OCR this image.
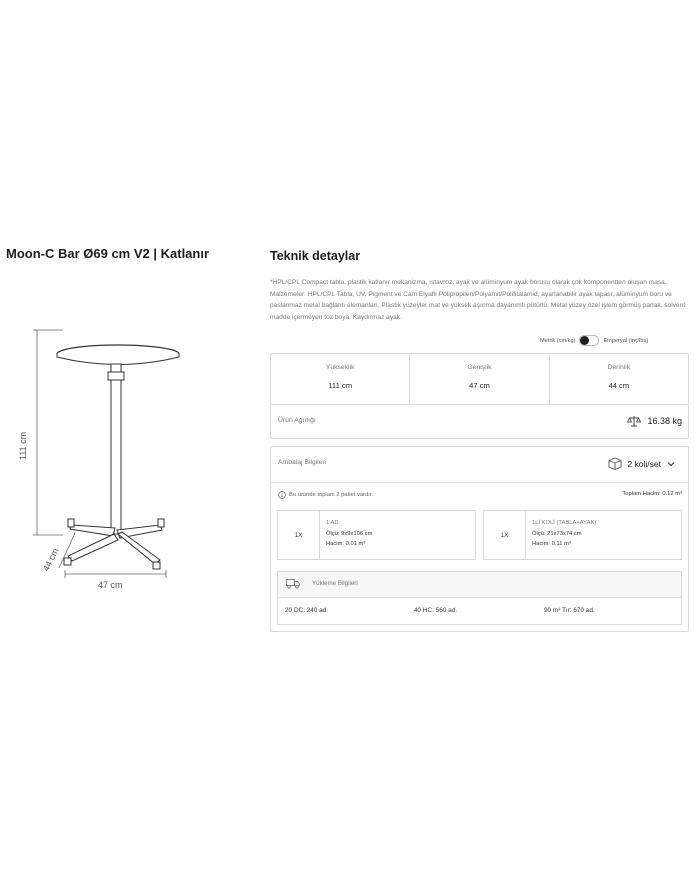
Moon-C Bar Ø69 cm V2 | Katlanır
111 cm
44 cm
47 cm
Teknik detaylar
*HPL/CPL Compact tabla, plastik katlanır mekanizma, ıstavroz, ayak ve alüminyum ayak borusu olarak çok komponentten oluşan masa. Malzemeler: HPL/CPL Tabla, UV, Pigment ve Cam Elyaflı Polipropilen/Polyamit/Polifitalamid, ayarlanabilir ayak tapası, alüminyum boru ve paslanmaz metal bağlantı elemanları. Plastik yüzeyler mat ve yüksek aşınma dayanımlı pütürlü. Metal yüzey özel işlem görmüş parlak, solvent madde içermeyen toz boya. Kaydırmaz ayak.
Metrik (cm/kg)	Emperyal (inç/lbs)
Yükseklik
111 cm
Genişlik
47 cm
Derinlik
44 cm
Ürün Ağırlığı	16.38 kg
Ambalaj Bilgileri	2 koli/set
Bu üründe toplam 2 paket vardır.	Toplam Hacim: 0.12 m³
1X
1 AD.
Ölçü: 9x9x106 cm
Hacim: 0.01 m³
1X
1Lİ KOLİ (TABLA+AYAK)
Ölçü: 21x73x74 cm
Hacim: 0.11 m³
Yükleme Bilgileri
20 DC: 240 ad.	40 HC: 560 ad.	90 m³ Tır: 670 ad.
